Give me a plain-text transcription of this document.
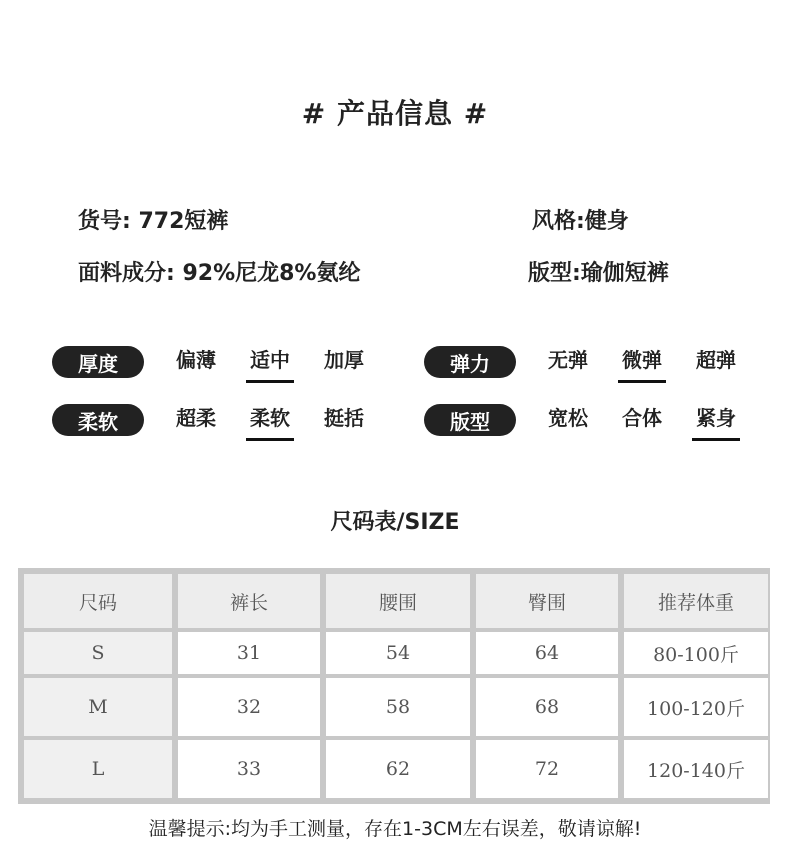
# 产品信息 #
货号: 772短裤	风格:健身
面料成分: 92%尼龙8%氨纶	版型:瑜伽短裤
厚度	偏薄 适中 加厚	弹力	无弹 微弹 超弹
柔软	超柔 柔软 挺括	版型	宽松 合体 紧身
尺码表/SIZE
尺码	裤长	腰围	臀围	推荐体重
S	31	54	64	80-100斤
M	32	58	68	100-120斤
L	33	62	72	120-140斤
温馨提示:均为手工测量，存在1-3CM左右误差，敬请谅解!
